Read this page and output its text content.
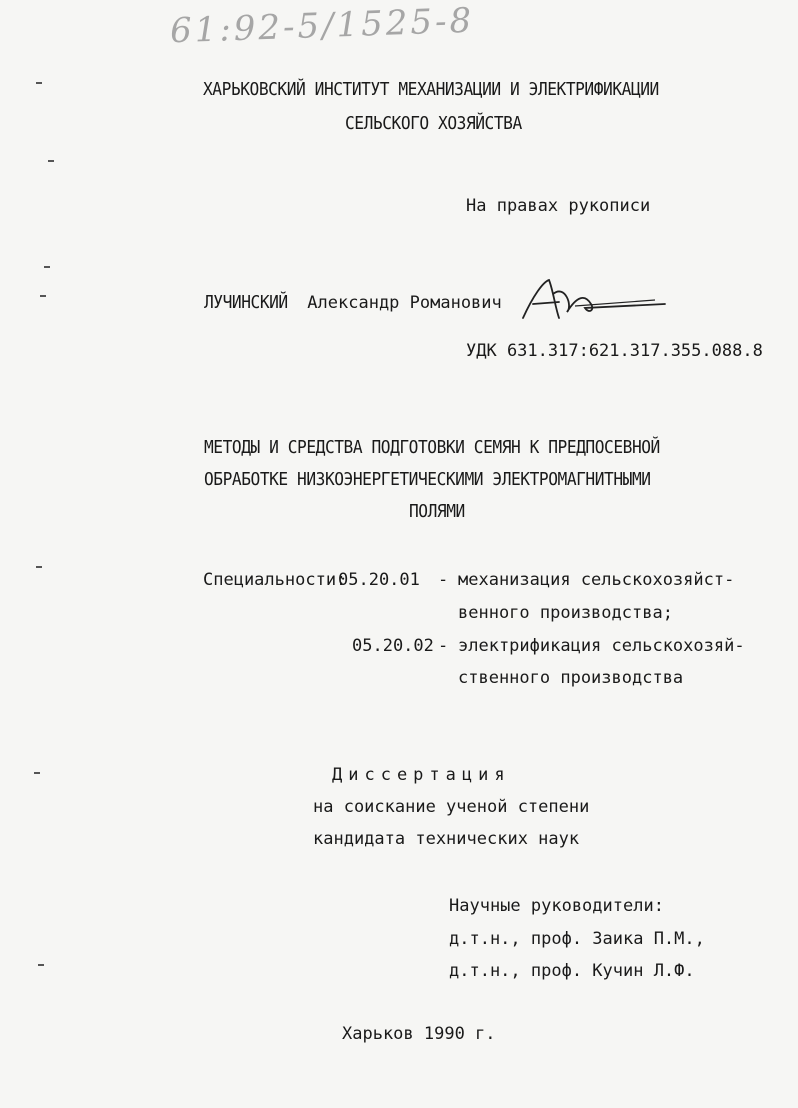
61:92-5/1525-8
ХАРЬКОВСКИЙ ИНСТИТУТ МЕХАНИЗАЦИИ И ЭЛЕКТРИФИКАЦИИ
СЕЛЬСКОГО ХОЗЯЙСТВА
На правах рукописи
ЛУЧИНСКИЙ Александр Романович
УДК 631.317:621.317.355.088.8
МЕТОДЫ И СРЕДСТВА ПОДГОТОВКИ СЕМЯН К ПРЕДПОСЕВНОЙ
ОБРАБОТКЕ НИЗКОЭНЕРГЕТИЧЕСКИМИ ЭЛЕКТРОМАГНИТНЫМИ
ПОЛЯМИ
Специальности:
05.20.01 - механизация сельскохозяйст-
венного производства;
05.20.02 - электрификация сельскохозяй-
ственного производства
Диссертация
на соискание ученой степени
кандидата технических наук
Научные руководители:
д.т.н., проф. Заика П.М.,
д.т.н., проф. Кучин Л.Ф.
Харьков 1990 г.
